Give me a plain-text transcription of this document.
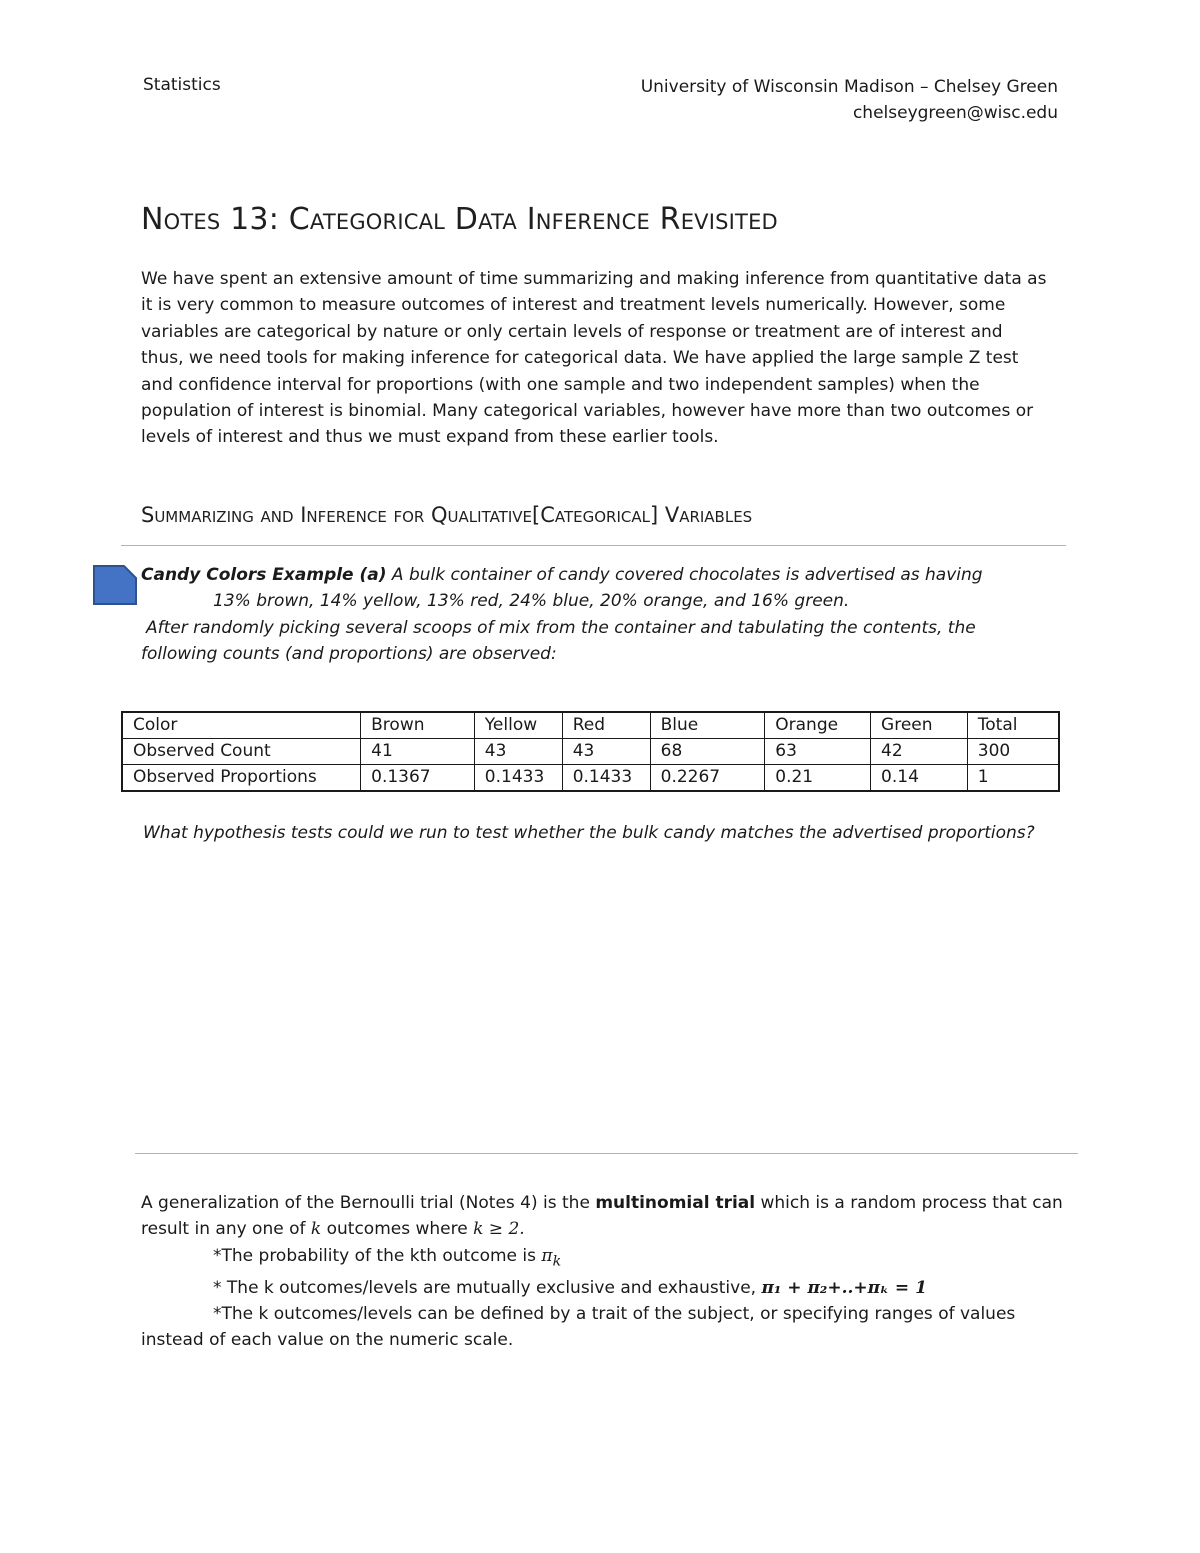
Statistics	University of Wisconsin Madison – Chelsey Green
chelseygreen@wisc.edu
Notes 13: Categorical Data Inference Revisited
We have spent an extensive amount of time summarizing and making inference from quantitative data as
it is very common to measure outcomes of interest and treatment levels numerically. However, some
variables are categorical by nature or only certain levels of response or treatment are of interest and
thus, we need tools for making inference for categorical data. We have applied the large sample Z test
and confidence interval for proportions (with one sample and two independent samples) when the
population of interest is binomial. Many categorical variables, however have more than two outcomes or
levels of interest and thus we must expand from these earlier tools.
Summarizing and Inference for Qualitative[Categorical] Variables
Candy Colors Example (a) A bulk container of candy covered chocolates is advertised as having
13% brown, 14% yellow, 13% red, 24% blue, 20% orange, and 16% green.
After randomly picking several scoops of mix from the container and tabulating the contents, the
following counts (and proportions) are observed:
Color	Brown	Yellow	Red	Blue	Orange	Green	Total
Observed Count	41	43	43	68	63	42	300
Observed Proportions	0.1367	0.1433	0.1433	0.2267	0.21	0.14	1
What hypothesis tests could we run to test whether the bulk candy matches the advertised proportions?
A generalization of the Bernoulli trial (Notes 4) is the multinomial trial which is a random process that can
result in any one of k outcomes where k ≥ 2.
*The probability of the kth outcome is $\pi_k$
* The k outcomes/levels are mutually exclusive and exhaustive, π₁ + π₂+..+πₖ = 1
*The k outcomes/levels can be defined by a trait of the subject, or specifying ranges of values
instead of each value on the numeric scale.
